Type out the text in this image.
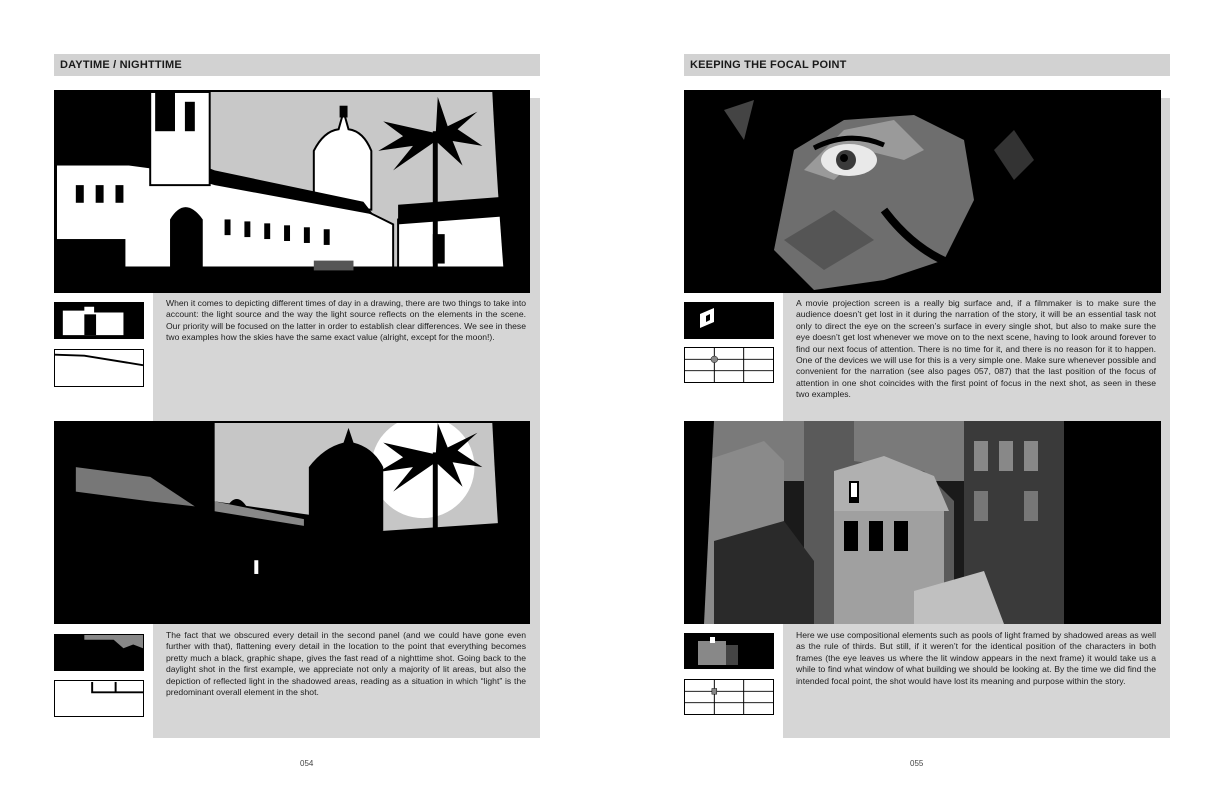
DAYTIME / NIGHTTIME
When it comes to depicting different times of day in a drawing, there are two things to take into account: the light source and the way the light source reflects on the elements in the scene. Our priority will be focused on the latter in order to establish clear differences. We see in these two examples how the skies have the same exact value (alright, except for the moon!).
The fact that we obscured every detail in the second panel (and we could have gone even further with that), flattening every detail in the location to the point that everything becomes pretty much a black, graphic shape, gives the fast read of a nighttime shot. Going back to the daylight shot in the first example, we appreciate not only a majority of lit areas, but also the depiction of reflected light in the shadowed areas, reading as a situation in which “light” is the predominant overall element in the shot.
054
KEEPING THE FOCAL POINT
A movie projection screen is a really big surface and, if a filmmaker is to make sure the audience doesn’t get lost in it during the narration of the story, it will be an essential task not only to direct the eye on the screen’s surface in every single shot, but also to make sure the eye doesn’t get lost whenever we move on to the next scene, having to look around forever to find our next focus of attention. There is no time for it, and there is no reason for it to happen. One of the devices we will use for this is a very simple one. Make sure whenever possible and convenient for the narration (see also pages 057, 087) that the last position of the focus of attention in one shot coincides with the first point of focus in the next shot, as seen in these two examples.
Here we use compositional elements such as pools of light framed by shadowed areas as well as the rule of thirds. But still, if it weren’t for the identical position of the characters in both frames (the eye leaves us where the lit window appears in the next frame) it would take us a while to find what window of what building we should be looking at. By the time we did find the intended focal point, the shot would have lost its meaning and purpose within the story.
055
